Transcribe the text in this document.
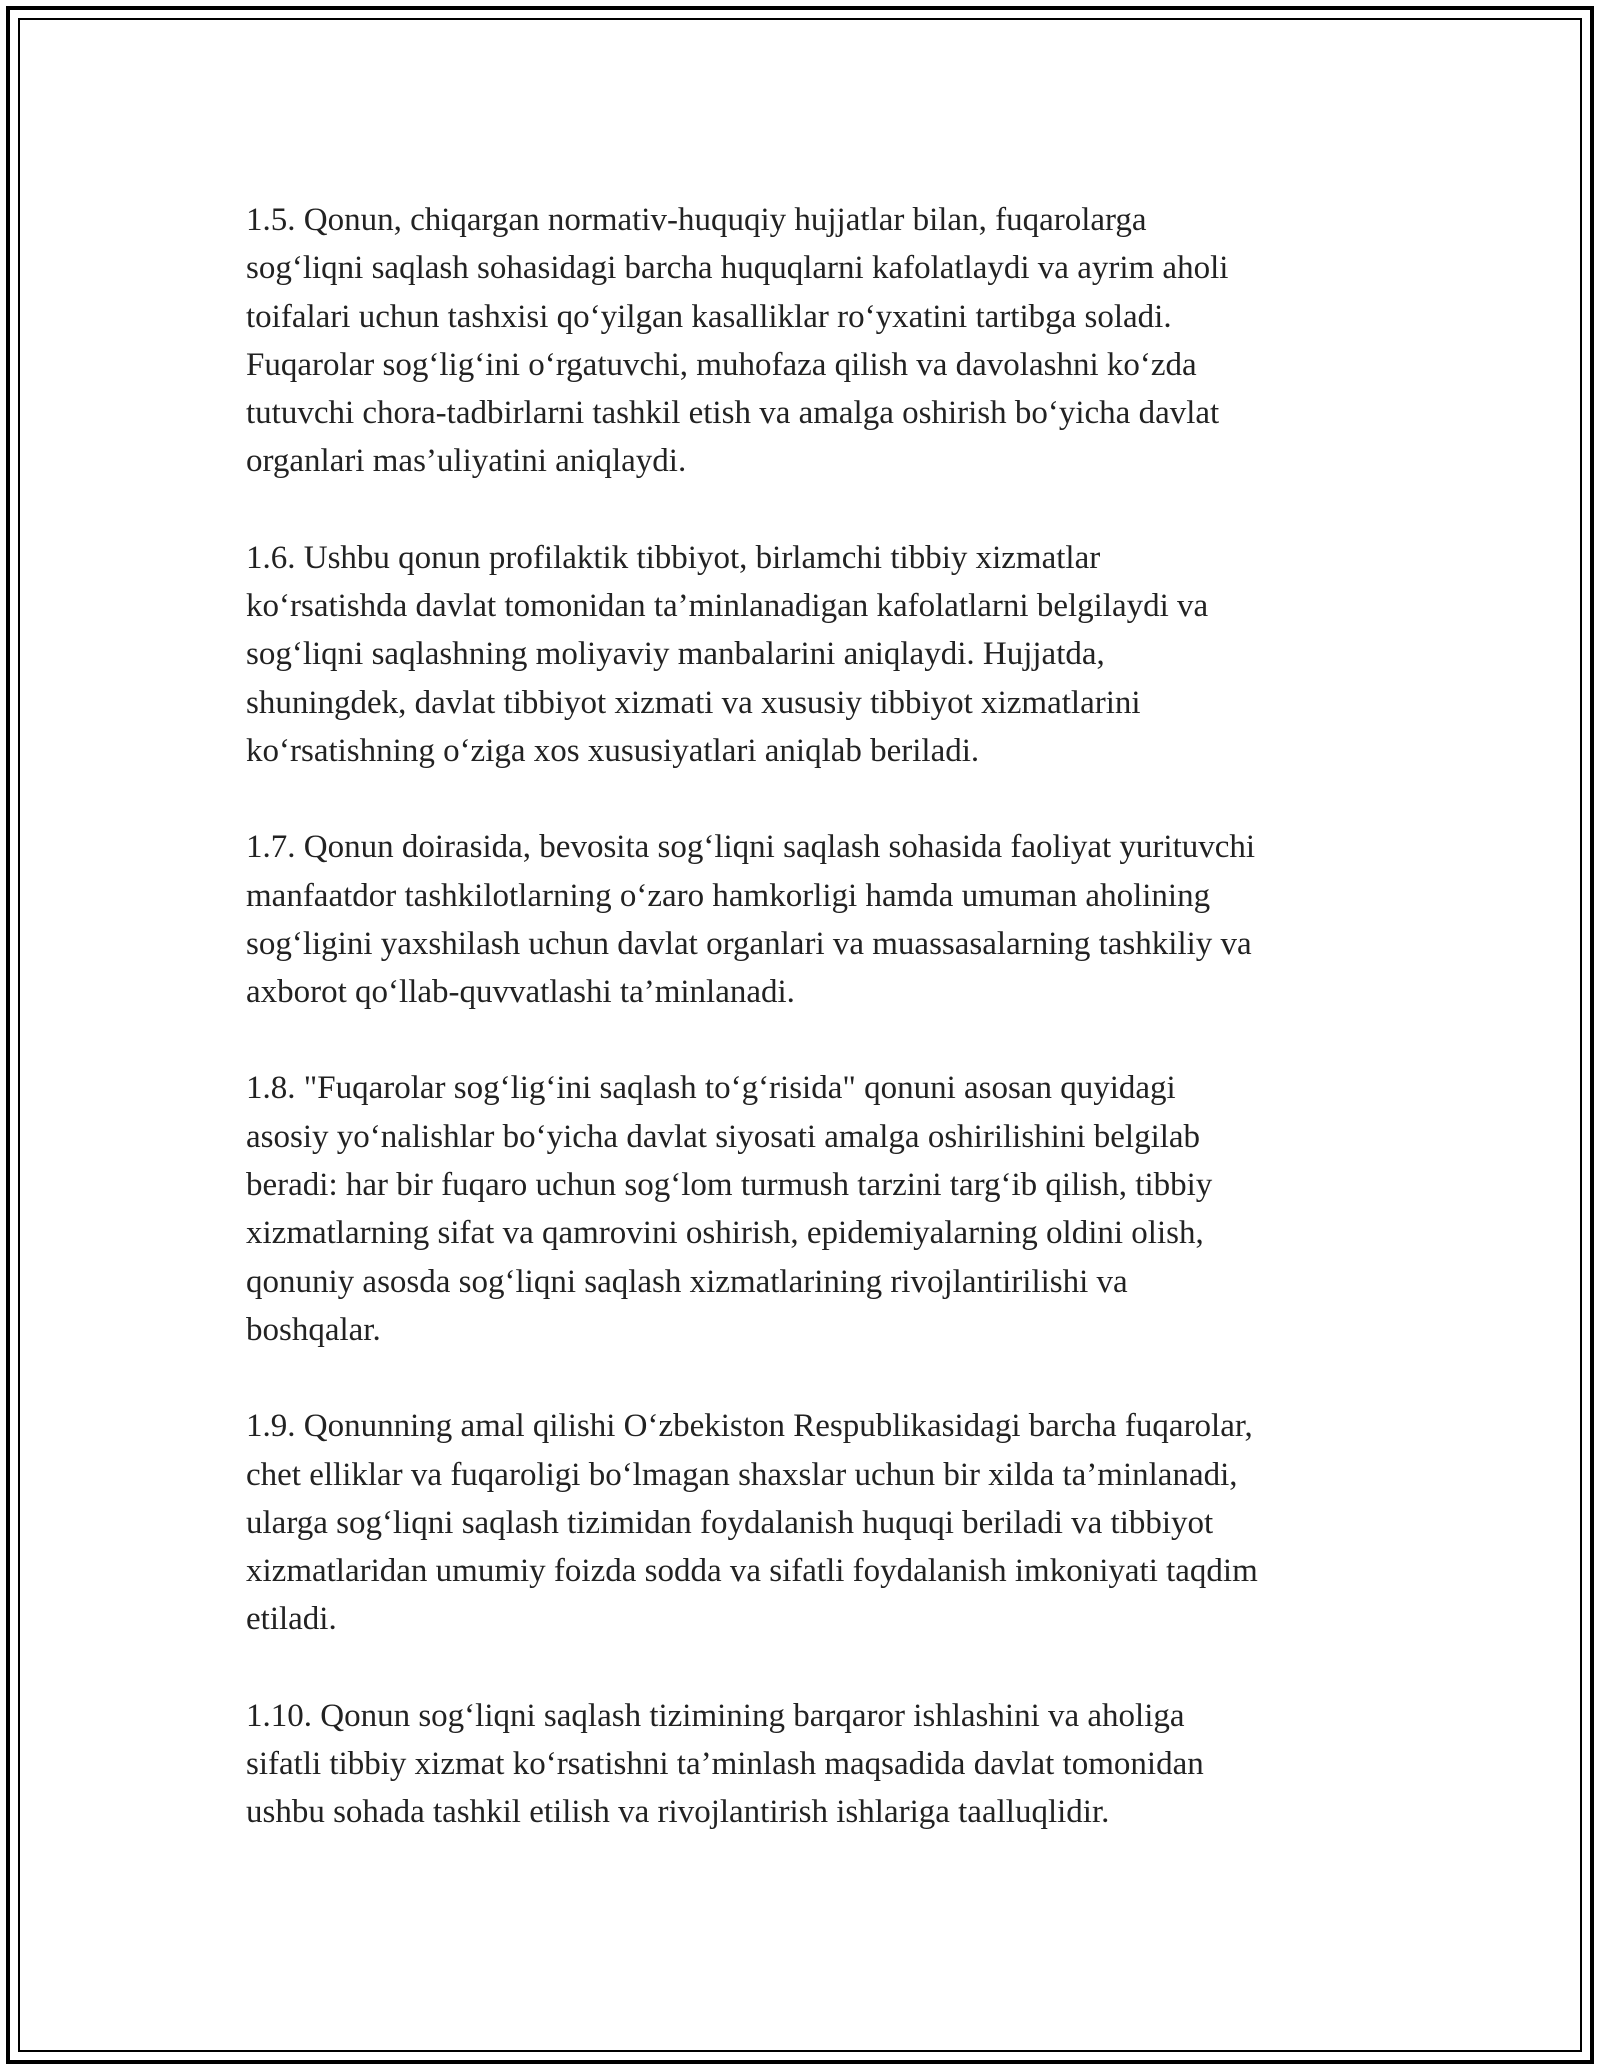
1.5. Qonun, chiqargan normativ-huquqiy hujjatlar bilan, fuqarolarga
sog‘liqni saqlash sohasidagi barcha huquqlarni kafolatlaydi va ayrim aholi
toifalari uchun tashxisi qo‘yilgan kasalliklar ro‘yxatini tartibga soladi.
Fuqarolar sog‘lig‘ini o‘rgatuvchi, muhofaza qilish va davolashni ko‘zda
tutuvchi chora-tadbirlarni tashkil etish va amalga oshirish bo‘yicha davlat
organlari mas’uliyatini aniqlaydi.

1.6. Ushbu qonun profilaktik tibbiyot, birlamchi tibbiy xizmatlar
ko‘rsatishda davlat tomonidan ta’minlanadigan kafolatlarni belgilaydi va
sog‘liqni saqlashning moliyaviy manbalarini aniqlaydi. Hujjatda,
shuningdek, davlat tibbiyot xizmati va xususiy tibbiyot xizmatlarini
ko‘rsatishning o‘ziga xos xususiyatlari aniqlab beriladi.

1.7. Qonun doirasida, bevosita sog‘liqni saqlash sohasida faoliyat yurituvchi
manfaatdor tashkilotlarning o‘zaro hamkorligi hamda umuman aholining
sog‘ligini yaxshilash uchun davlat organlari va muassasalarning tashkiliy va
axborot qo‘llab-quvvatlashi ta’minlanadi.

1.8. "Fuqarolar sog‘lig‘ini saqlash to‘g‘risida" qonuni asosan quyidagi
asosiy yo‘nalishlar bo‘yicha davlat siyosati amalga oshirilishini belgilab
beradi: har bir fuqaro uchun sog‘lom turmush tarzini targ‘ib qilish, tibbiy
xizmatlarning sifat va qamrovini oshirish, epidemiyalarning oldini olish,
qonuniy asosda sog‘liqni saqlash xizmatlarining rivojlantirilishi va
boshqalar.

1.9. Qonunning amal qilishi O‘zbekiston Respublikasidagi barcha fuqarolar,
chet elliklar va fuqaroligi bo‘lmagan shaxslar uchun bir xilda ta’minlanadi,
ularga sog‘liqni saqlash tizimidan foydalanish huquqi beriladi va tibbiyot
xizmatlaridan umumiy foizda sodda va sifatli foydalanish imkoniyati taqdim
etiladi.

1.10. Qonun sog‘liqni saqlash tizimining barqaror ishlashini va aholiga
sifatli tibbiy xizmat ko‘rsatishni ta’minlash maqsadida davlat tomonidan
ushbu sohada tashkil etilish va rivojlantirish ishlariga taalluqlidir.
